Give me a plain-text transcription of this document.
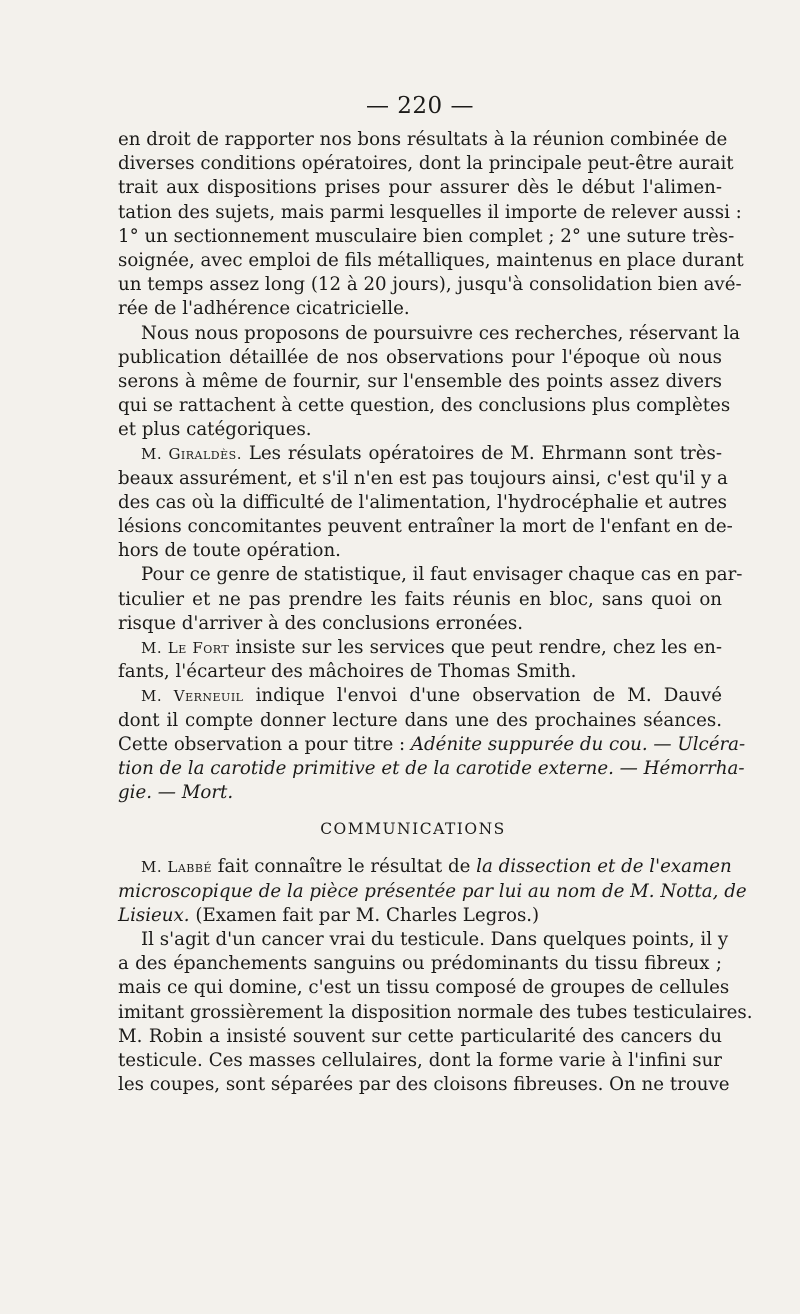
— 220 —
en droit de rapporter nos bons résultats à la réunion combinée de
diverses conditions opératoires, dont la principale peut-être aurait
trait aux dispositions prises pour assurer dès le début l'alimen-
tation des sujets, mais parmi lesquelles il importe de relever aussi :
1° un sectionnement musculaire bien complet ; 2° une suture très-
soignée, avec emploi de fils métalliques, maintenus en place durant
un temps assez long (12 à 20 jours), jusqu'à consolidation bien avé-
rée de l'adhérence cicatricielle.
Nous nous proposons de poursuivre ces recherches, réservant la
publication détaillée de nos observations pour l'époque où nous
serons à même de fournir, sur l'ensemble des points assez divers
qui se rattachent à cette question, des conclusions plus complètes
et plus catégoriques.
M. Giraldès. Les résulats opératoires de M. Ehrmann sont très-
beaux assurément, et s'il n'en est pas toujours ainsi, c'est qu'il y a
des cas où la difficulté de l'alimentation, l'hydrocéphalie et autres
lésions concomitantes peuvent entraîner la mort de l'enfant en de-
hors de toute opération.
Pour ce genre de statistique, il faut envisager chaque cas en par-
ticulier et ne pas prendre les faits réunis en bloc, sans quoi on
risque d'arriver à des conclusions erronées.
M. Le Fort insiste sur les services que peut rendre, chez les en-
fants, l'écarteur des mâchoires de Thomas Smith.
M. Verneuil indique l'envoi d'une observation de M. Dauvé
dont il compte donner lecture dans une des prochaines séances.
Cette observation a pour titre : Adénite suppurée du cou. — Ulcéra-
tion de la carotide primitive et de la carotide externe. — Hémorrha-
gie. — Mort.
COMMUNICATIONS
M. Labbé fait connaître le résultat de la dissection et de l'examen
microscopique de la pièce présentée par lui au nom de M. Notta, de
Lisieux. (Examen fait par M. Charles Legros.)
Il s'agit d'un cancer vrai du testicule. Dans quelques points, il y
a des épanchements sanguins ou prédominants du tissu fibreux ;
mais ce qui domine, c'est un tissu composé de groupes de cellules
imitant grossièrement la disposition normale des tubes testiculaires.
M. Robin a insisté souvent sur cette particularité des cancers du
testicule. Ces masses cellulaires, dont la forme varie à l'infini sur
les coupes, sont séparées par des cloisons fibreuses. On ne trouve
